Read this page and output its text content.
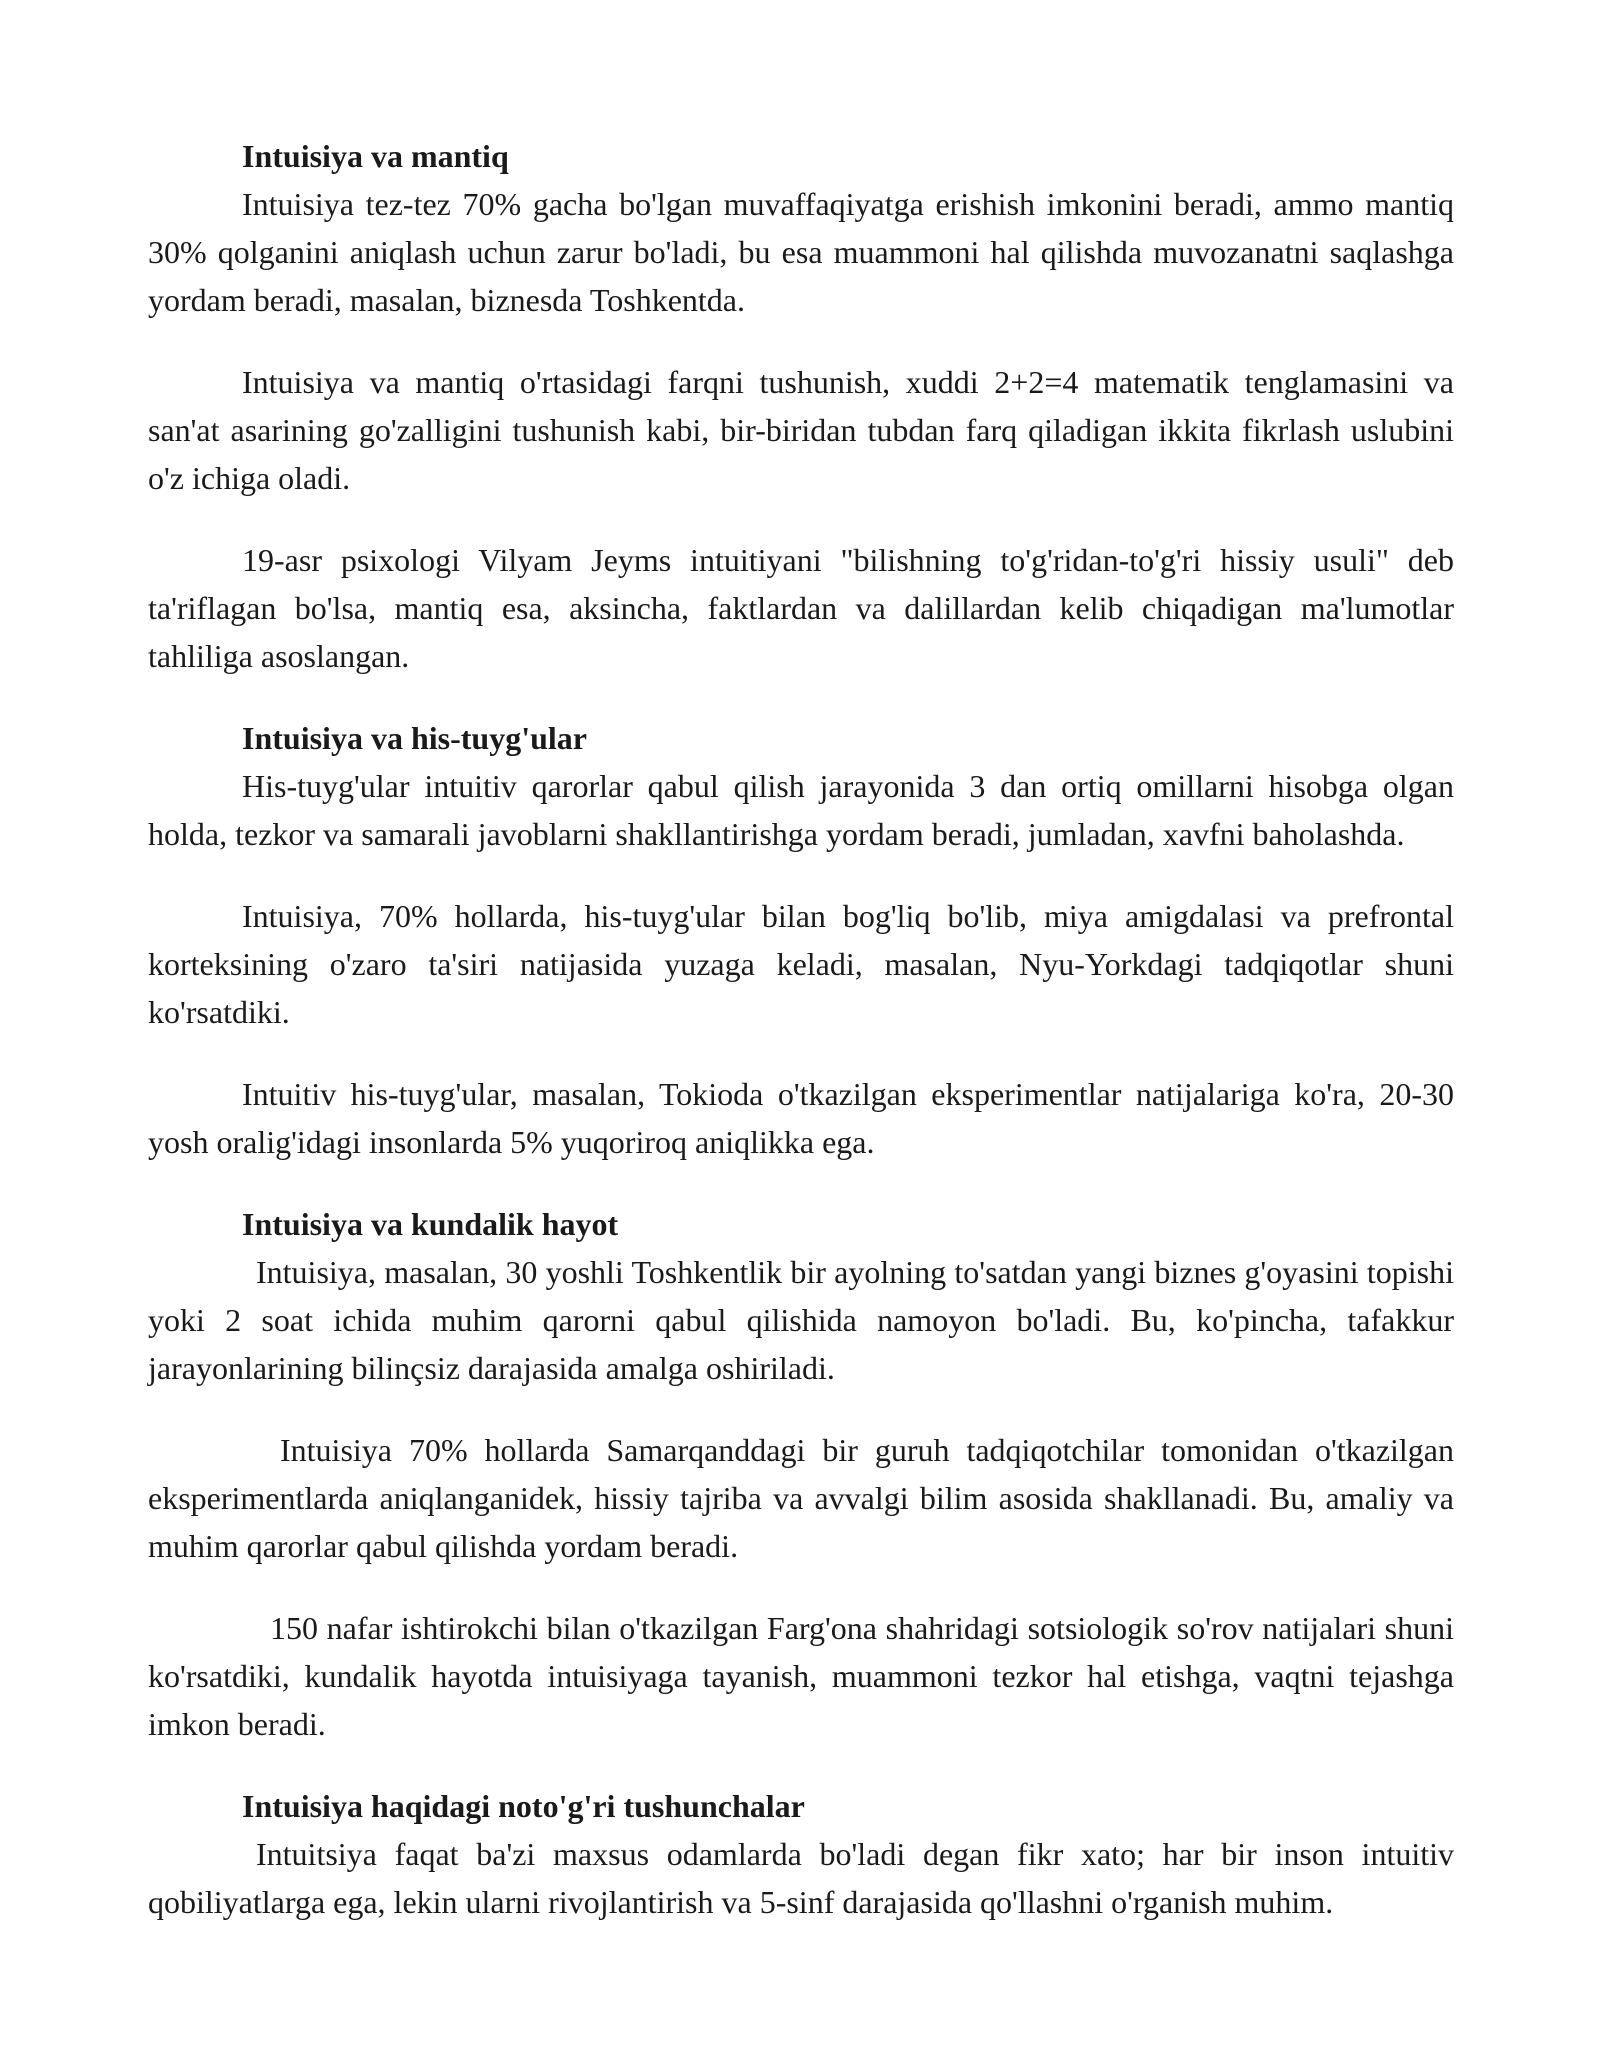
Intuisiya va mantiq

Intuisiya tez-tez 70% gacha bo'lgan muvaffaqiyatga erishish imkonini beradi, ammo mantiq 30% qolganini aniqlash uchun zarur bo'ladi, bu esa muammoni hal qilishda muvozanatni saqlashga yordam beradi, masalan, biznesda Toshkentda.

Intuisiya va mantiq o'rtasidagi farqni tushunish, xuddi 2+2=4 matematik tenglamasini va san'at asarining go'zalligini tushunish kabi, bir-biridan tubdan farq qiladigan ikkita fikrlash uslubini o'z ichiga oladi.

19-asr psixologi Vilyam Jeyms intuitiyani "bilishning to'g'ridan-to'g'ri hissiy usuli" deb ta'riflagan bo'lsa, mantiq esa, aksincha, faktlardan va dalillardan kelib chiqadigan ma'lumotlar tahliliga asoslangan.

Intuisiya va his-tuyg'ular

His-tuyg'ular intuitiv qarorlar qabul qilish jarayonida 3 dan ortiq omillarni hisobga olgan holda, tezkor va samarali javoblarni shakllantirishga yordam beradi, jumladan, xavfni baholashda.

Intuisiya, 70% hollarda, his-tuyg'ular bilan bog'liq bo'lib, miya amigdalasi va prefrontal korteksining o'zaro ta'siri natijasida yuzaga keladi, masalan, Nyu-Yorkdagi tadqiqotlar shuni ko'rsatdiki.

Intuitiv his-tuyg'ular, masalan, Tokioda o'tkazilgan eksperimentlar natijalariga ko'ra, 20-30 yosh oralig'idagi insonlarda 5% yuqoriroq aniqlikka ega.

Intuisiya va kundalik hayot

Intuisiya, masalan, 30 yoshli Toshkentlik bir ayolning to'satdan yangi biznes g'oyasini topishi yoki 2 soat ichida muhim qarorni qabul qilishida namoyon bo'ladi. Bu, ko'pincha, tafakkur jarayonlarining bilinçsiz darajasida amalga oshiriladi.

Intuisiya 70% hollarda Samarqanddagi bir guruh tadqiqotchilar tomonidan o'tkazilgan eksperimentlarda aniqlanganidek, hissiy tajriba va avvalgi bilim asosida shakllanadi. Bu, amaliy va muhim qarorlar qabul qilishda yordam beradi.

150 nafar ishtirokchi bilan o'tkazilgan Farg'ona shahridagi sotsiologik so'rov natijalari shuni ko'rsatdiki, kundalik hayotda intuisiyaga tayanish, muammoni tezkor hal etishga, vaqtni tejashga imkon beradi.

Intuisiya haqidagi noto'g'ri tushunchalar

Intuitsiya faqat ba'zi maxsus odamlarda bo'ladi degan fikr xato; har bir inson intuitiv qobiliyatlarga ega, lekin ularni rivojlantirish va 5-sinf darajasida qo'llashni o'rganish muhim.
